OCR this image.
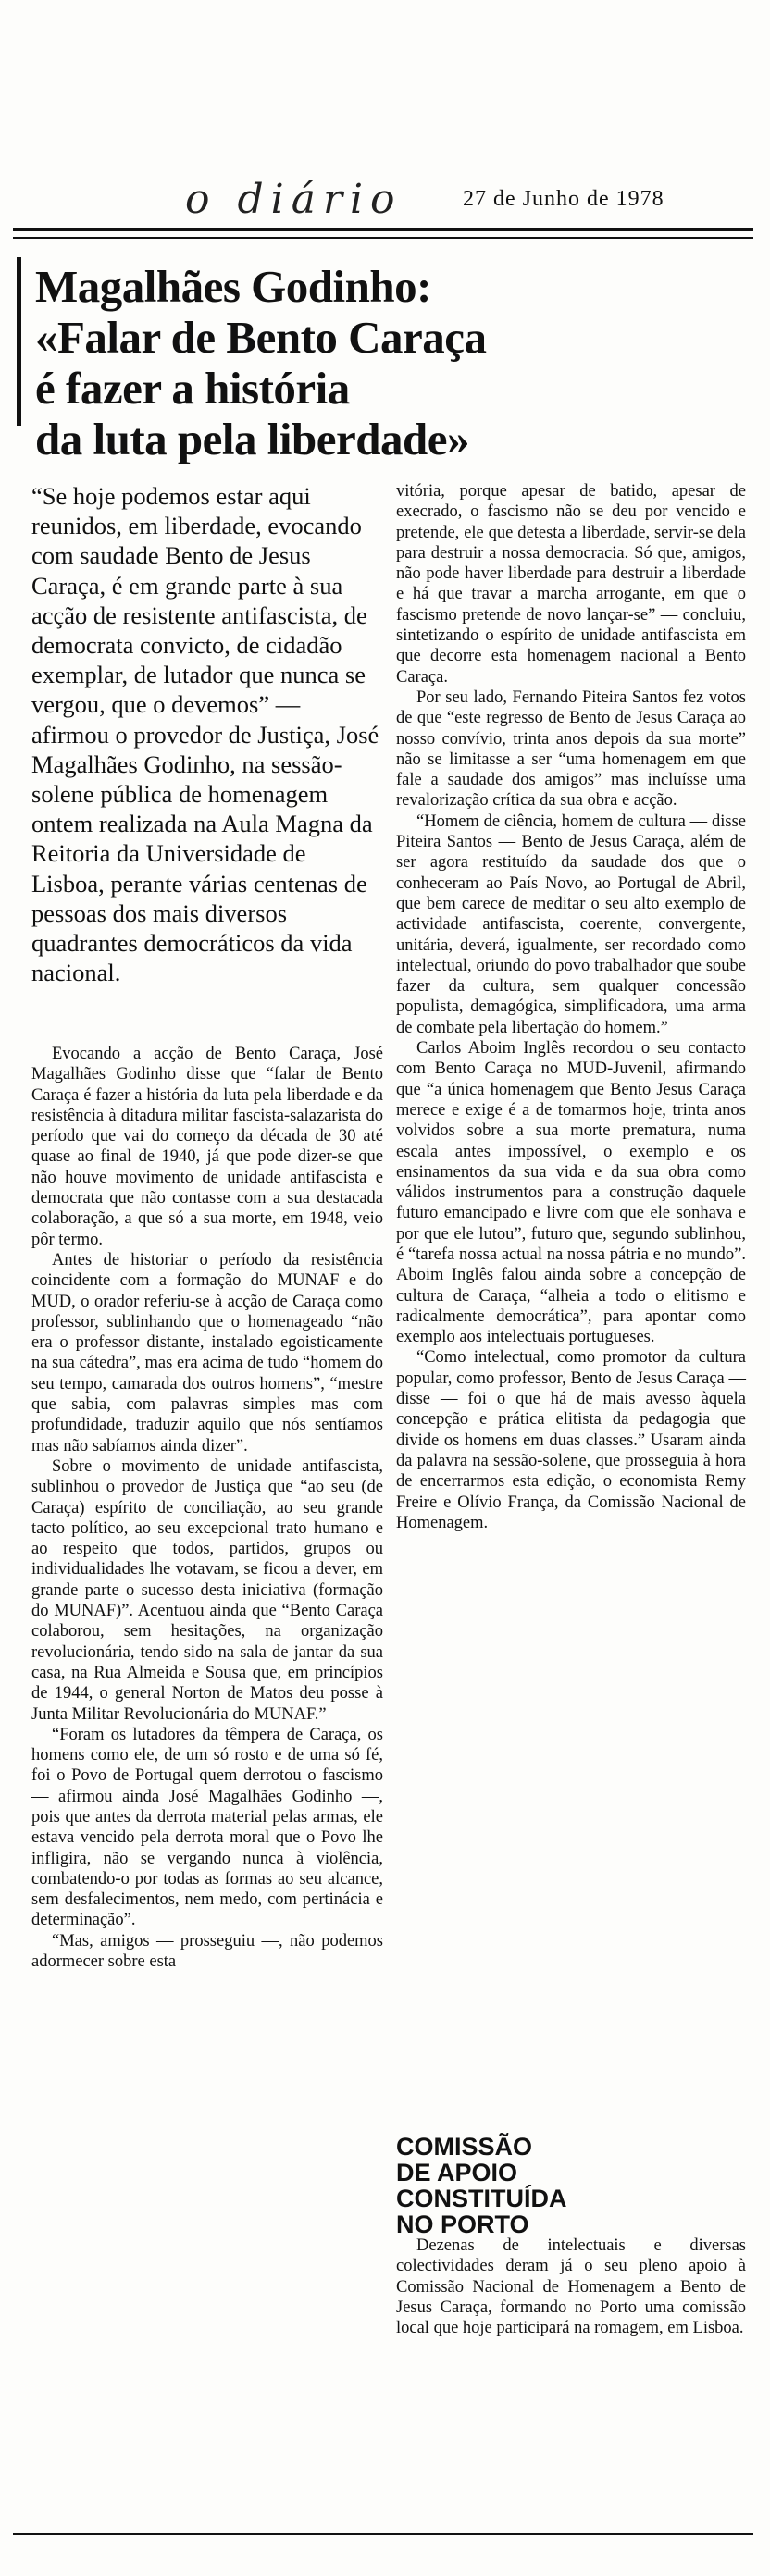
o diário	27 de Junho de 1978
Magalhães Godinho:
«Falar de Bento Caraça
é fazer a história
da luta pela liberdade»

“Se hoje podemos estar aqui reunidos, em liberdade, evocando com saudade Bento de Jesus Caraça, é em grande parte à sua acção de resistente antifascista, de democrata convicto, de cidadão exemplar, de lutador que nunca se vergou, que o devemos” — afirmou o provedor de Justiça, José Magalhães Godinho, na sessão-solene pública de homenagem ontem realizada na Aula Magna da Reitoria da Universidade de Lisboa, perante várias centenas de pessoas dos mais diversos quadrantes democráticos da vida nacional.

Evocando a acção de Bento Caraça, José Magalhães Godinho disse que “falar de Bento Caraça é fazer a história da luta pela liberdade e da resistência à ditadura militar fascista-salazarista do período que vai do começo da década de 30 até quase ao final de 1940, já que pode dizer-se que não houve movimento de unidade antifascista e democrata que não contasse com a sua destacada colaboração, a que só a sua morte, em 1948, veio pôr termo.

Antes de historiar o período da resistência coincidente com a formação do MUNAF e do MUD, o orador referiu-se à acção de Caraça como professor, sublinhando que o homenageado “não era o professor distante, instalado egoisticamente na sua cátedra”, mas era acima de tudo “homem do seu tempo, camarada dos outros homens”, “mestre que sabia, com palavras simples mas com profundidade, traduzir aquilo que nós sentíamos mas não sabíamos ainda dizer”.

Sobre o movimento de unidade antifascista, sublinhou o provedor de Justiça que “ao seu (de Caraça) espírito de conciliação, ao seu grande tacto político, ao seu excepcional trato humano e ao respeito que todos, partidos, grupos ou individualidades lhe votavam, se ficou a dever, em grande parte o sucesso desta iniciativa (formação do MUNAF)”. Acentuou ainda que “Bento Caraça colaborou, sem hesitações, na organização revolucionária, tendo sido na sala de jantar da sua casa, na Rua Almeida e Sousa que, em princípios de 1944, o general Norton de Matos deu posse à Junta Militar Revolucionária do MUNAF.”

“Foram os lutadores da têmpera de Caraça, os homens como ele, de um só rosto e de uma só fé, foi o Povo de Portugal quem derrotou o fascismo — afirmou ainda José Magalhães Godinho —, pois que antes da derrota material pelas armas, ele estava vencido pela derrota moral que o Povo lhe infligira, não se vergando nunca à violência, combatendo-o por todas as formas ao seu alcance, sem desfalecimentos, nem medo, com pertinácia e determinação”.

“Mas, amigos — prosseguiu —, não podemos adormecer sobre esta

vitória, porque apesar de batido, apesar de execrado, o fascismo não se deu por vencido e pretende, ele que detesta a liberdade, servir-se dela para destruir a nossa democracia. Só que, amigos, não pode haver liberdade para destruir a liberdade e há que travar a marcha arrogante, em que o fascismo pretende de novo lançar-se” — concluiu, sintetizando o espírito de unidade antifascista em que decorre esta homenagem nacional a Bento Caraça.

Por seu lado, Fernando Piteira Santos fez votos de que “este regresso de Bento de Jesus Caraça ao nosso convívio, trinta anos depois da sua morte” não se limitasse a ser “uma homenagem em que fale a saudade dos amigos” mas incluísse uma revalorização crítica da sua obra e acção.

“Homem de ciência, homem de cultura — disse Piteira Santos — Bento de Jesus Caraça, além de ser agora restituído da saudade dos que o conheceram ao País Novo, ao Portugal de Abril, que bem carece de meditar o seu alto exemplo de actividade antifascista, coerente, convergente, unitária, deverá, igualmente, ser recordado como intelectual, oriundo do povo trabalhador que soube fazer da cultura, sem qualquer concessão populista, demagógica, simplificadora, uma arma de combate pela libertação do homem.”

Carlos Aboim Inglês recordou o seu contacto com Bento Caraça no MUD-Juvenil, afirmando que “a única homenagem que Bento Jesus Caraça merece e exige é a de tomarmos hoje, trinta anos volvidos sobre a sua morte prematura, numa escala antes impossível, o exemplo e os ensinamentos da sua vida e da sua obra como válidos instrumentos para a construção daquele futuro emancipado e livre com que ele sonhava e por que ele lutou”, futuro que, segundo sublinhou, é “tarefa nossa actual na nossa pátria e no mundo”. Aboim Inglês falou ainda sobre a concepção de cultura de Caraça, “alheia a todo o elitismo e radicalmente democrática”, para apontar como exemplo aos intelectuais portugueses.

“Como intelectual, como promotor da cultura popular, como professor, Bento de Jesus Caraça — disse — foi o que há de mais avesso àquela concepção e prática elitista da pedagogia que divide os homens em duas classes.” Usaram ainda da palavra na sessão-solene, que prosseguia à hora de encerrarmos esta edição, o economista Remy Freire e Olívio França, da Comissão Nacional de Homenagem.

COMISSÃO
DE APOIO
CONSTITUÍDA
NO PORTO

Dezenas de intelectuais e diversas colectividades deram já o seu pleno apoio à Comissão Nacional de Homenagem a Bento de Jesus Caraça, formando no Porto uma comissão local que hoje participará na romagem, em Lisboa.
